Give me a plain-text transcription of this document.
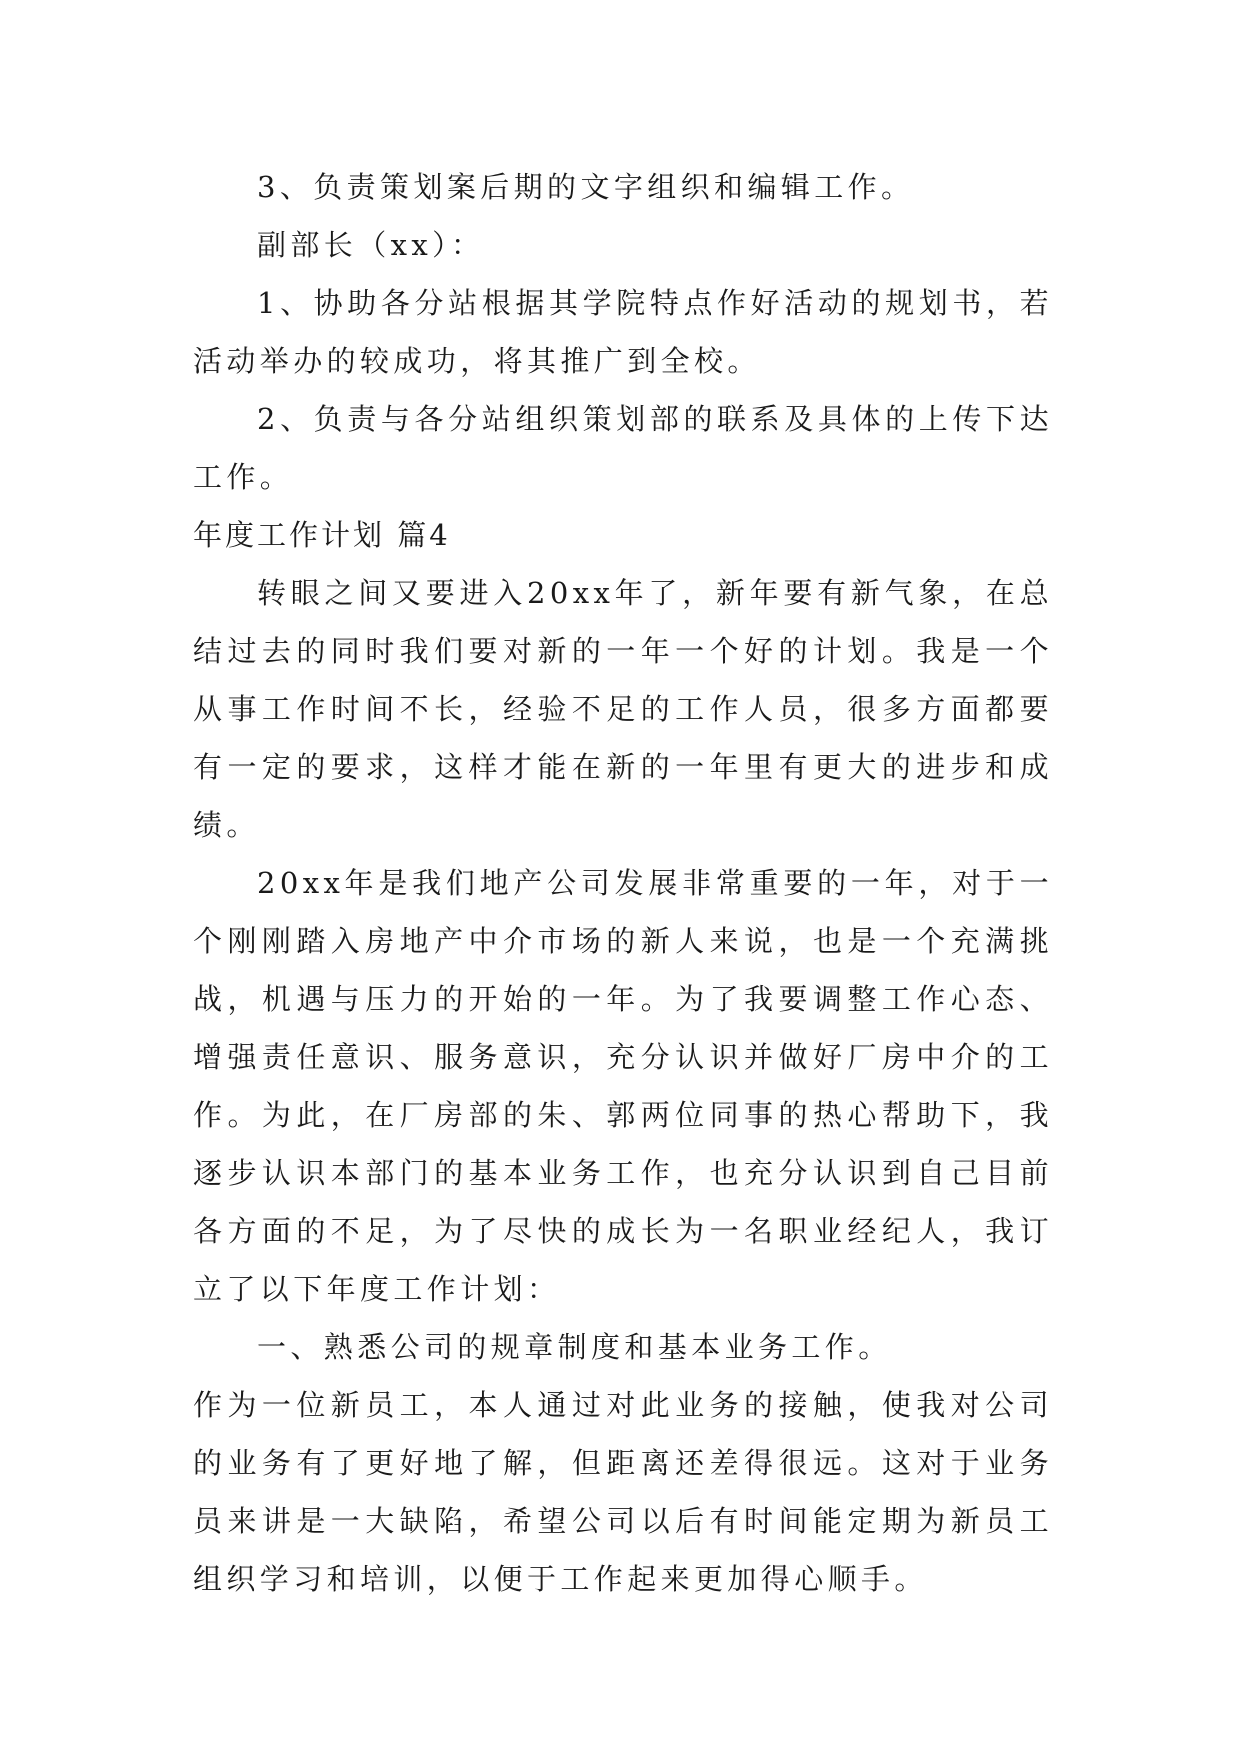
3、负责策划案后期的文字组织和编辑工作。

副部长（xx）：

1、协助各分站根据其学院特点作好活动的规划书，若活动举办的较成功，将其推广到全校。

2、负责与各分站组织策划部的联系及具体的上传下达工作。

年度工作计划 篇4

转眼之间又要进入20xx年了，新年要有新气象，在总结过去的同时我们要对新的一年一个好的计划。我是一个从事工作时间不长，经验不足的工作人员，很多方面都要有一定的要求，这样才能在新的一年里有更大的进步和成绩。

20xx年是我们地产公司发展非常重要的一年，对于一个刚刚踏入房地产中介市场的新人来说，也是一个充满挑战，机遇与压力的开始的一年。为了我要调整工作心态、增强责任意识、服务意识，充分认识并做好厂房中介的工作。为此，在厂房部的朱、郭两位同事的热心帮助下，我逐步认识本部门的基本业务工作，也充分认识到自己目前各方面的不足，为了尽快的成长为一名职业经纪人，我订立了以下年度工作计划：

一、熟悉公司的规章制度和基本业务工作。

作为一位新员工，本人通过对此业务的接触，使我对公司的业务有了更好地了解，但距离还差得很远。这对于业务员来讲是一大缺陷，希望公司以后有时间能定期为新员工组织学习和培训，以便于工作起来更加得心顺手。
